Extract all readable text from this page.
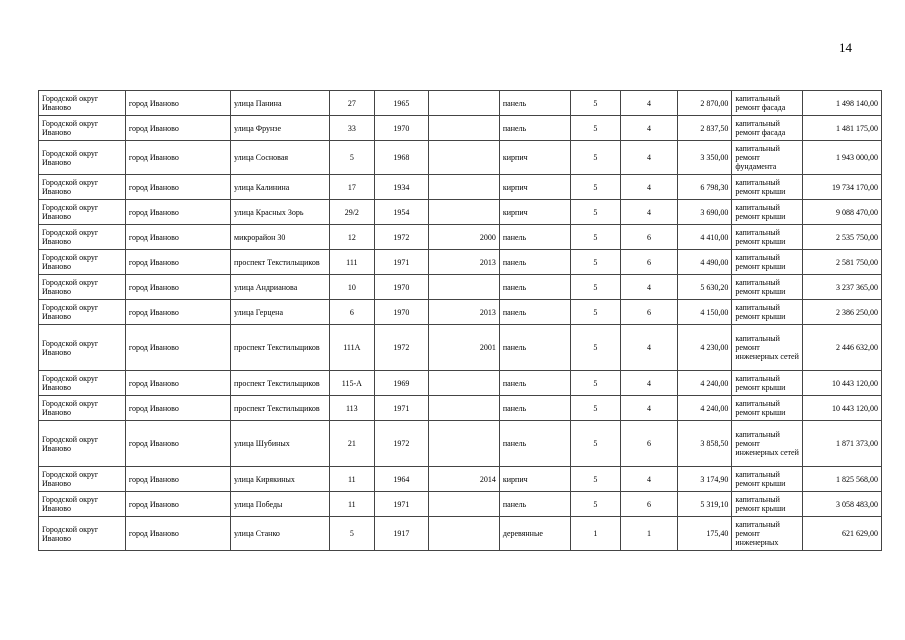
14
Городской округ Иваново	город Иваново	улица Панина	27	1965		панель	5	4	2 870,00	капитальный ремонт фасада	1 498 140,00
Городской округ Иваново	город Иваново	улица Фрунзе	33	1970		панель	5	4	2 837,50	капитальный ремонт фасада	1 481 175,00
Городской округ Иваново	город Иваново	улица Сосновая	5	1968		кирпич	5	4	3 350,00	капитальный ремонт фундамента	1 943 000,00
Городской округ Иваново	город Иваново	улица Калинина	17	1934		кирпич	5	4	6 798,30	капитальный ремонт крыши	19 734 170,00
Городской округ Иваново	город Иваново	улица Красных Зорь	29/2	1954		кирпич	5	4	3 690,00	капитальный ремонт крыши	9 088 470,00
Городской округ Иваново	город Иваново	микрорайон 30	12	1972	2000	панель	5	6	4 410,00	капитальный ремонт крыши	2 535 750,00
Городской округ Иваново	город Иваново	проспект Текстильщиков	111	1971	2013	панель	5	6	4 490,00	капитальный ремонт крыши	2 581 750,00
Городской округ Иваново	город Иваново	улица Андрианова	10	1970		панель	5	4	5 630,20	капитальный ремонт крыши	3 237 365,00
Городской округ Иваново	город Иваново	улица Герцена	6	1970	2013	панель	5	6	4 150,00	капитальный ремонт крыши	2 386 250,00
Городской округ Иваново	город Иваново	проспект Текстильщиков	111А	1972	2001	панель	5	4	4 230,00	капитальный ремонт инженерных сетей	2 446 632,00
Городской округ Иваново	город Иваново	проспект Текстильщиков	115-А	1969		панель	5	4	4 240,00	капитальный ремонт крыши	10 443 120,00
Городской округ Иваново	город Иваново	проспект Текстильщиков	113	1971		панель	5	4	4 240,00	капитальный ремонт крыши	10 443 120,00
Городской округ Иваново	город Иваново	улица Шубиных	21	1972		панель	5	6	3 858,50	капитальный ремонт инженерных сетей	1 871 373,00
Городской округ Иваново	город Иваново	улица Кирякиных	11	1964	2014	кирпич	5	4	3 174,90	капитальный ремонт крыши	1 825 568,00
Городской округ Иваново	город Иваново	улица Победы	11	1971		панель	5	6	5 319,10	капитальный ремонт крыши	3 058 483,00
Городской округ Иваново	город Иваново	улица Станко	5	1917		деревянные	1	1	175,40	капитальный ремонт инженерных	621 629,00
